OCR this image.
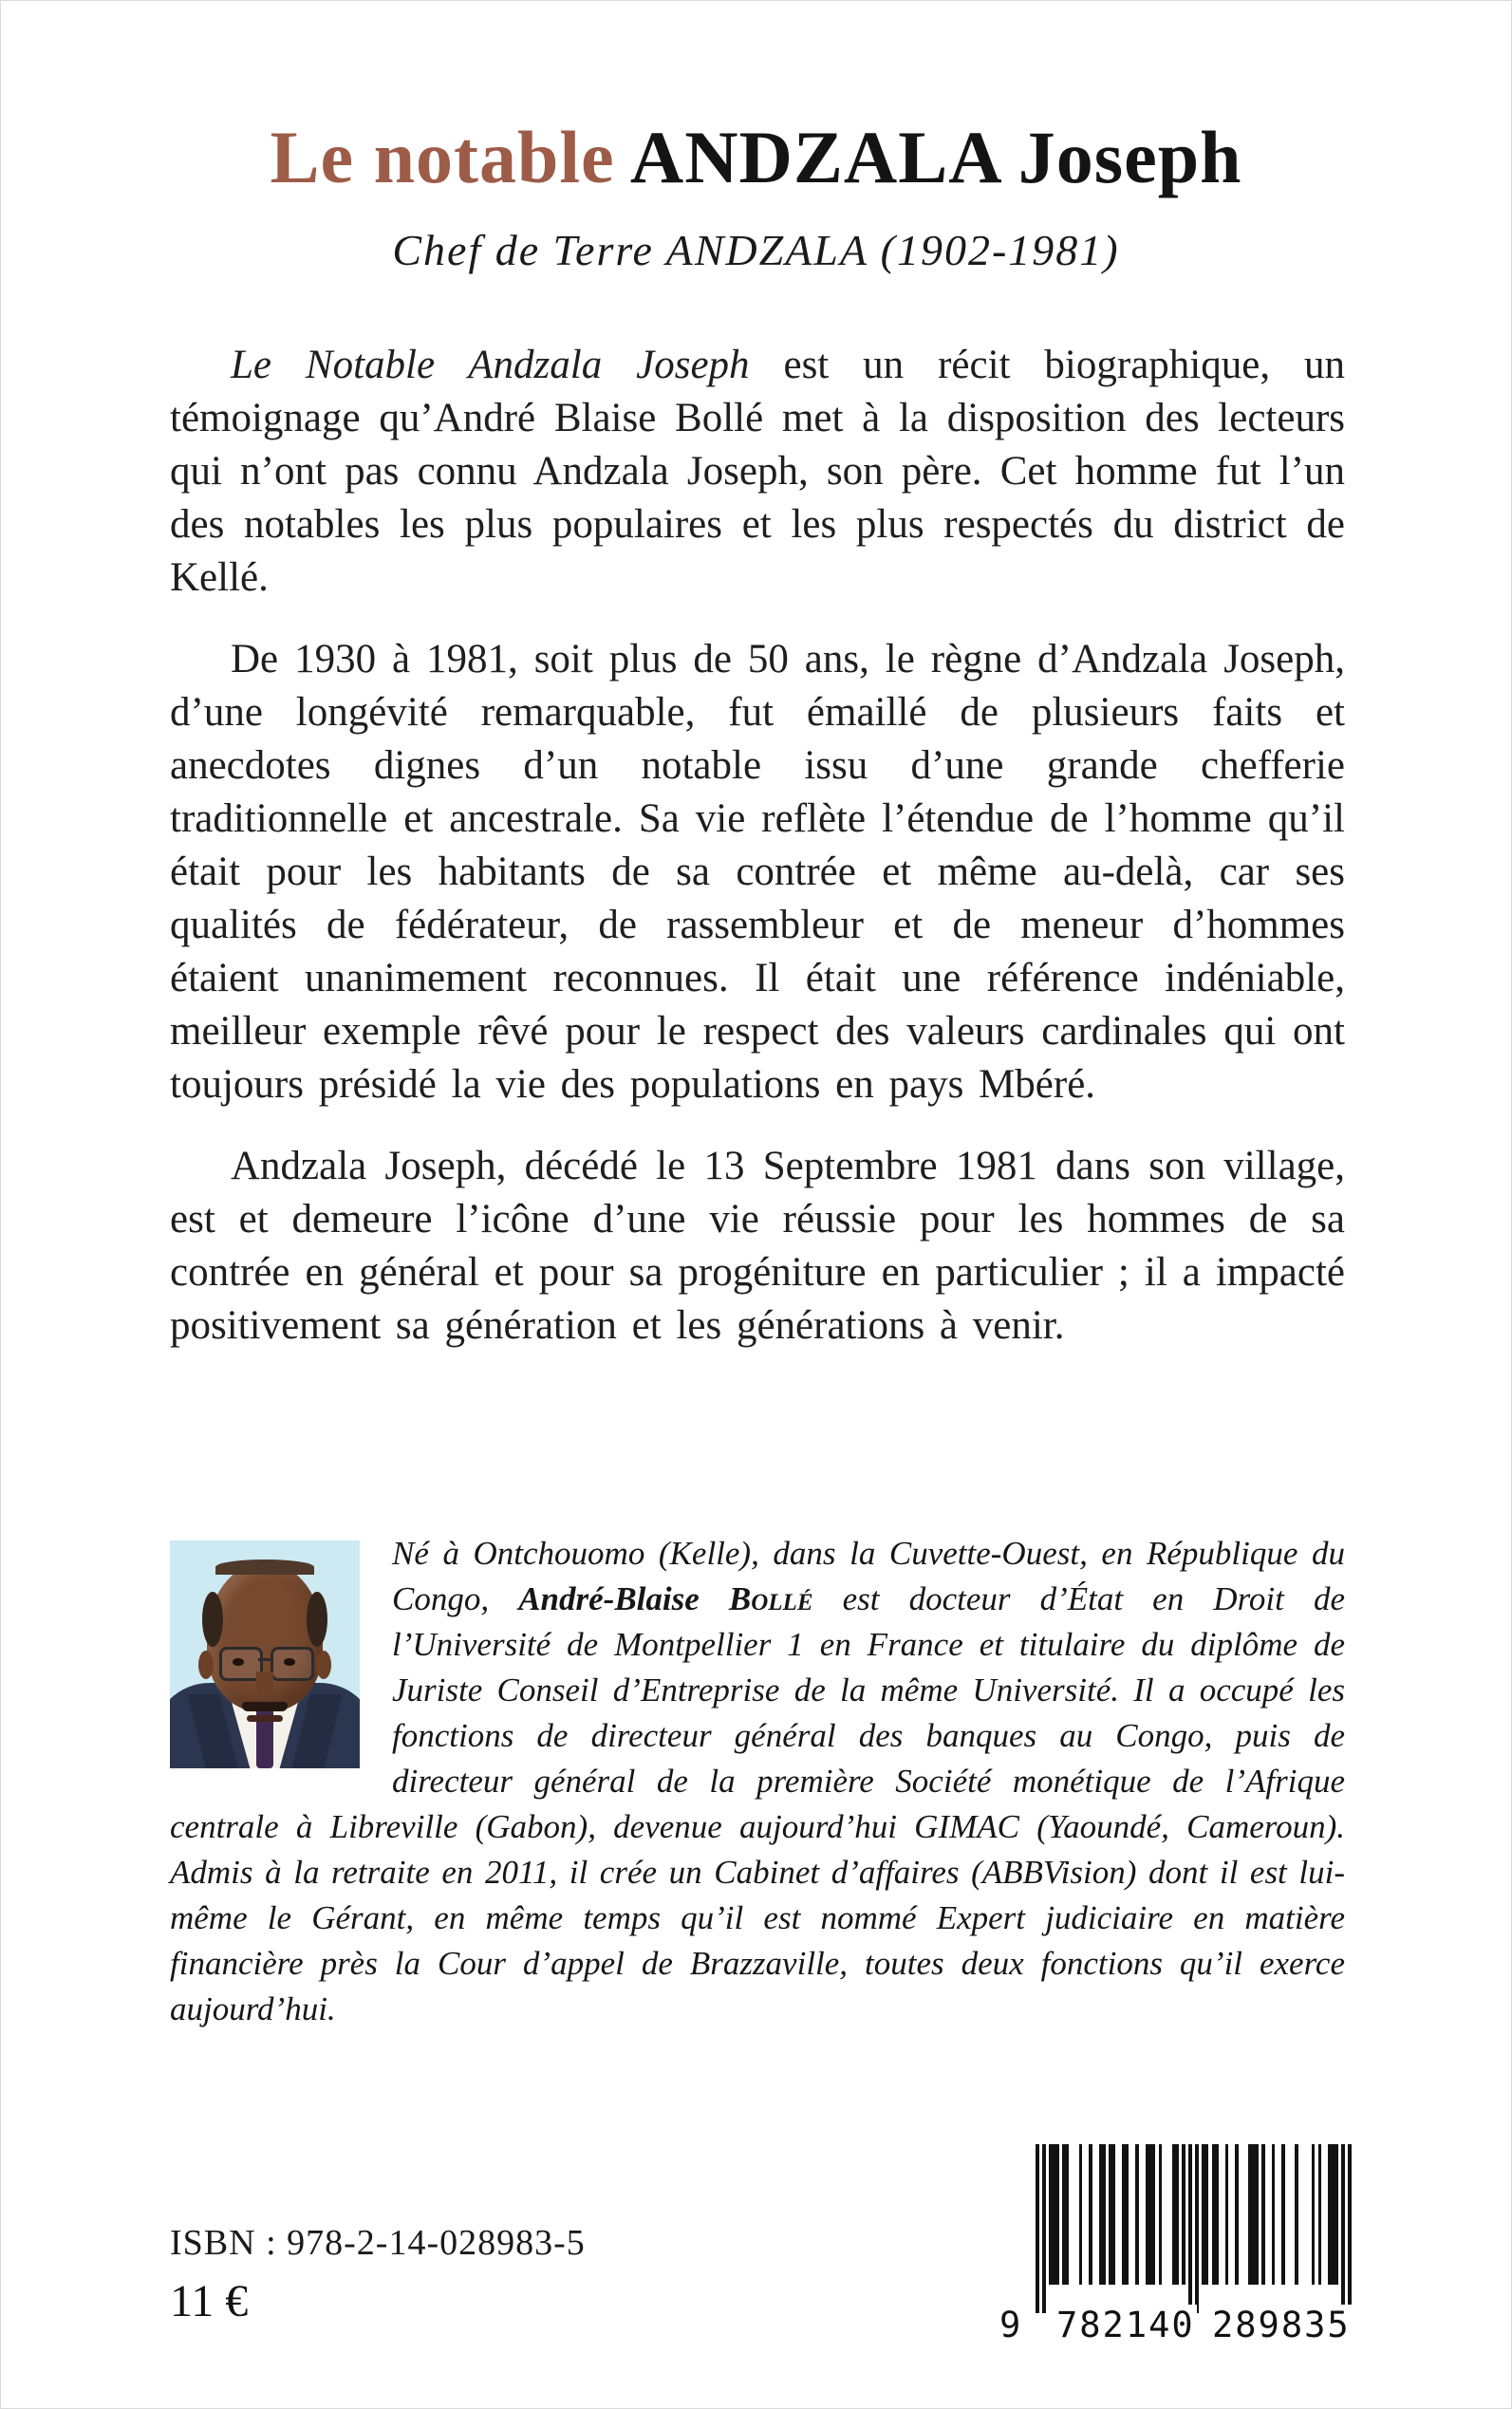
Le notable ANDZALA Joseph
Chef de Terre ANDZALA (1902-1981)

Le Notable Andzala Joseph est un récit biographique, un témoignage qu’André Blaise Bollé met à la disposition des lecteurs qui n’ont pas connu Andzala Joseph, son père. Cet homme fut l’un des notables les plus populaires et les plus respectés du district de Kellé.

De 1930 à 1981, soit plus de 50 ans, le règne d’Andzala Joseph, d’une longévité remarquable, fut émaillé de plusieurs faits et anecdotes dignes d’un notable issu d’une grande chefferie traditionnelle et ancestrale. Sa vie reflète l’étendue de l’homme qu’il était pour les habitants de sa contrée et même au-delà, car ses qualités de fédérateur, de rassembleur et de meneur d’hommes étaient unanimement reconnues. Il était une référence indéniable, meilleur exemple rêvé pour le respect des valeurs cardinales qui ont toujours présidé la vie des populations en pays Mbéré.

Andzala Joseph, décédé le 13 Septembre 1981 dans son village, est et demeure l’icône d’une vie réussie pour les hommes de sa contrée en général et pour sa progéniture en particulier ; il a impacté positivement sa génération et les générations à venir.

Né à Ontchouomo (Kelle), dans la Cuvette-Ouest, en République du Congo, André-Blaise Bollé est docteur d’État en Droit de l’Université de Montpellier 1 en France et titulaire du diplôme de Juriste Conseil d’Entreprise de la même Université. Il a occupé les fonctions de directeur général des banques au Congo, puis de directeur général de la première Société monétique de l’Afrique centrale à Libreville (Gabon), devenue aujourd’hui GIMAC (Yaoundé, Cameroun). Admis à la retraite en 2011, il crée un Cabinet d’affaires (ABBVision) dont il est lui-même le Gérant, en même temps qu’il est nommé Expert judiciaire en matière financière près la Cour d’appel de Brazzaville, toutes deux fonctions qu’il exerce aujourd’hui.
ISBN : 978-2-14-028983-5
11 €	9 782140 289835
